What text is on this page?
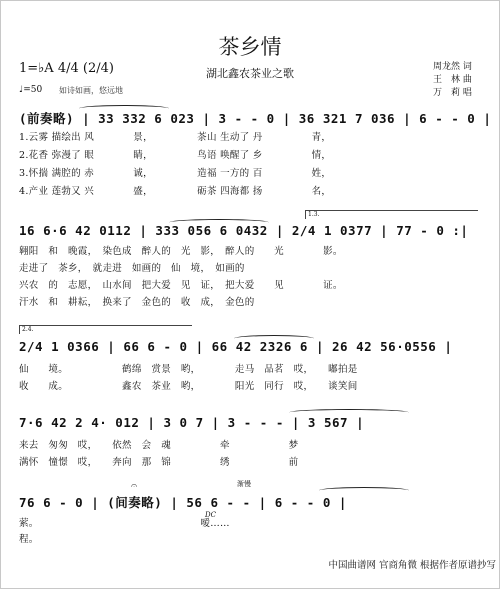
茶乡情
湖北鑫农茶业之歌
1=♭A 4/4 (2/4)
♩=50 如诗如画，悠远地
周龙然 词
王　林 曲
万　莉 唱
(前奏略) | 33 332 6 023 | 3 - - 0 | 36 321 7 036 | 6 - - 0 |
1.云雾 描绘出 风　　　　景，　　　　　茶山 生动了 丹　　　　　青，
2.花香 弥漫了 眼　　　　睛，　　　　　鸟语 唤醒了 乡　　　　　情，
3.怀揣 满腔的 赤　　　　诚，　　　　　造福 一方的 百　　　　　姓，
4.产业 莲勃又 兴　　　　盛，　　　　　砺茶 四海都 扬　　　　　名，
1.3.
16 6·6 42 0112 | 333 056 6 0432 | 2/4 1 0377 | 77 - 0 :|
翱阳　和　晚霞，　染色成　醉人的　光　影，　醉人的　　光　　　　影。
走进了　茶乡，　就走进　如画的　仙　境，　如画的
兴农　的　志愿，　山水间　把大爱　见　证，　把大爱　　见　　　　证。
汗水　和　耕耘，　换来了　金色的　收　成，　金色的
2.4.
2/4 1 0366 | 66 6 - 0 | 66 42 2326 6 | 26 42 56·0556 |
仙　　境。　　　　　　鹤绵　赏景　哟，　　　　走马　品茗　哎，　　嘟拍是
收　　成。　　　　　　鑫农　茶业　哟，　　　　阳光　同行　哎，　　谈笑间
7·6 42 2 4· 012 | 3 0 7 | 3 - - - | 3 567 |
来去　匆匆　哎，　　依然　会　魂　　　　　牵　　　　　　梦
满怀　憧憬　哎，　　奔向　那　锦　　　　　绣　　　　　　前
渐慢
𝄐
76 6 - 0 | (间奏略) | 56 6 - - | 6 - - 0 |
DC
萦。　　　　　　　　　　　　　　　　　嗳……
程。
中国曲谱网 官商角微 根据作者原谱抄写
